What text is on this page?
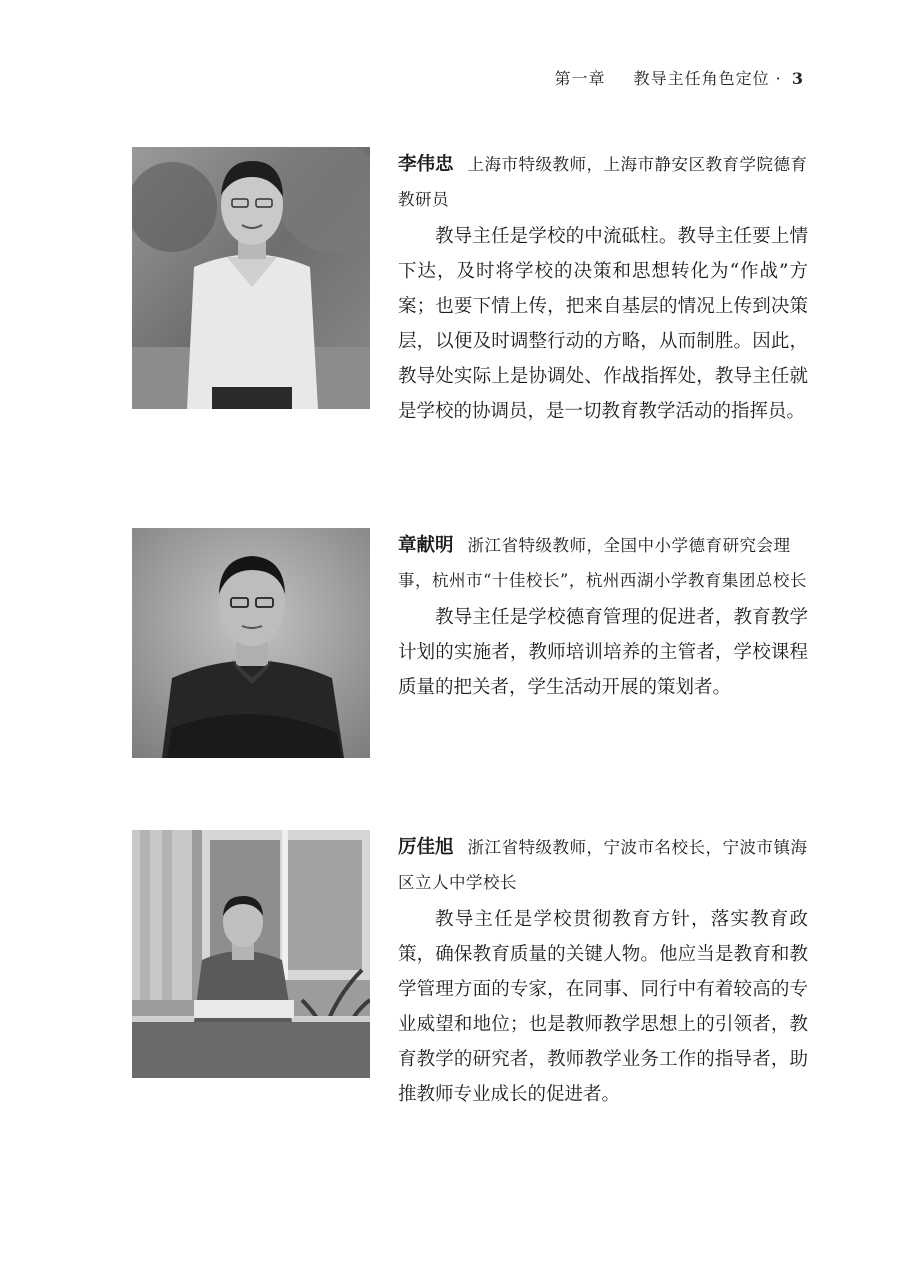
第一章 教导主任角色定位 · 3

李伟忠 上海市特级教师，上海市静安区教育学院德育教研员

教导主任是学校的中流砥柱。教导主任要上情下达，及时将学校的决策和思想转化为“作战”方案；也要下情上传，把来自基层的情况上传到决策层，以便及时调整行动的方略，从而制胜。因此，教导处实际上是协调处、作战指挥处，教导主任就是学校的协调员，是一切教育教学活动的指挥员。

章献明 浙江省特级教师，全国中小学德育研究会理事，杭州市“十佳校长”，杭州西湖小学教育集团总校长

教导主任是学校德育管理的促进者，教育教学计划的实施者，教师培训培养的主管者，学校课程质量的把关者，学生活动开展的策划者。

厉佳旭 浙江省特级教师，宁波市名校长，宁波市镇海区立人中学校长

教导主任是学校贯彻教育方针，落实教育政策，确保教育质量的关键人物。他应当是教育和教学管理方面的专家，在同事、同行中有着较高的专业威望和地位；也是教师教学思想上的引领者，教育教学的研究者，教师教学业务工作的指导者，助推教师专业成长的促进者。
